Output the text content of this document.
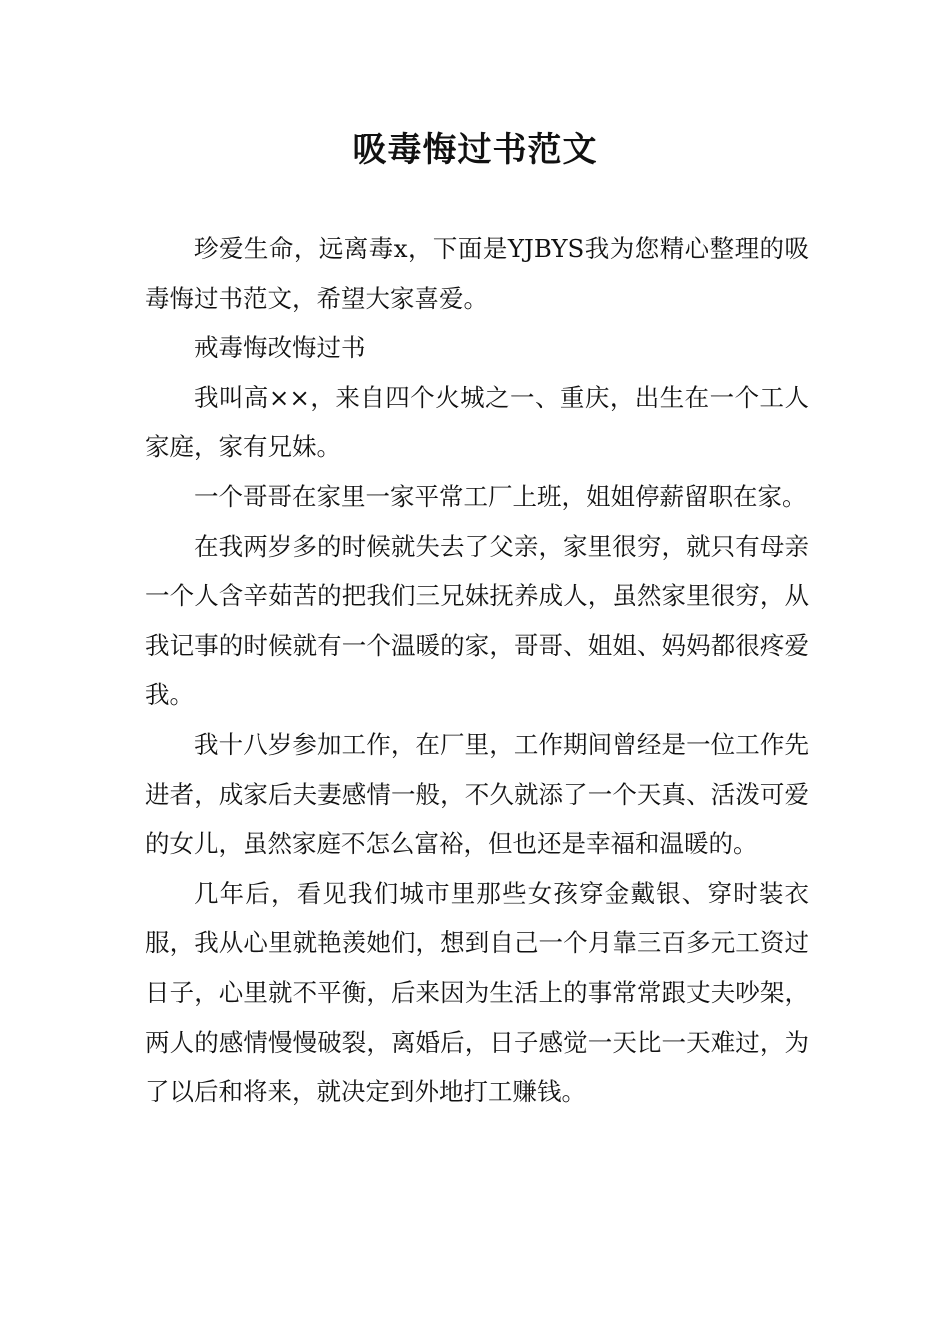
吸毒悔过书范文

珍爱生命，远离毒x，下面是YJBYS我为您精心整理的吸毒悔过书范文，希望大家喜爱。

戒毒悔改悔过书

我叫高××，来自四个火城之一、重庆，出生在一个工人家庭，家有兄妹。

一个哥哥在家里一家平常工厂上班，姐姐停薪留职在家。

在我两岁多的时候就失去了父亲，家里很穷，就只有母亲一个人含辛茹苦的把我们三兄妹抚养成人，虽然家里很穷，从我记事的时候就有一个温暖的家，哥哥、姐姐、妈妈都很疼爱我。

我十八岁参加工作，在厂里，工作期间曾经是一位工作先进者，成家后夫妻感情一般，不久就添了一个天真、活泼可爱的女儿，虽然家庭不怎么富裕，但也还是幸福和温暖的。

几年后，看见我们城市里那些女孩穿金戴银、穿时装衣服，我从心里就艳羡她们，想到自己一个月靠三百多元工资过日子，心里就不平衡，后来因为生活上的事常常跟丈夫吵架，两人的感情慢慢破裂，离婚后，日子感觉一天比一天难过，为了以后和将来，就决定到外地打工赚钱。
